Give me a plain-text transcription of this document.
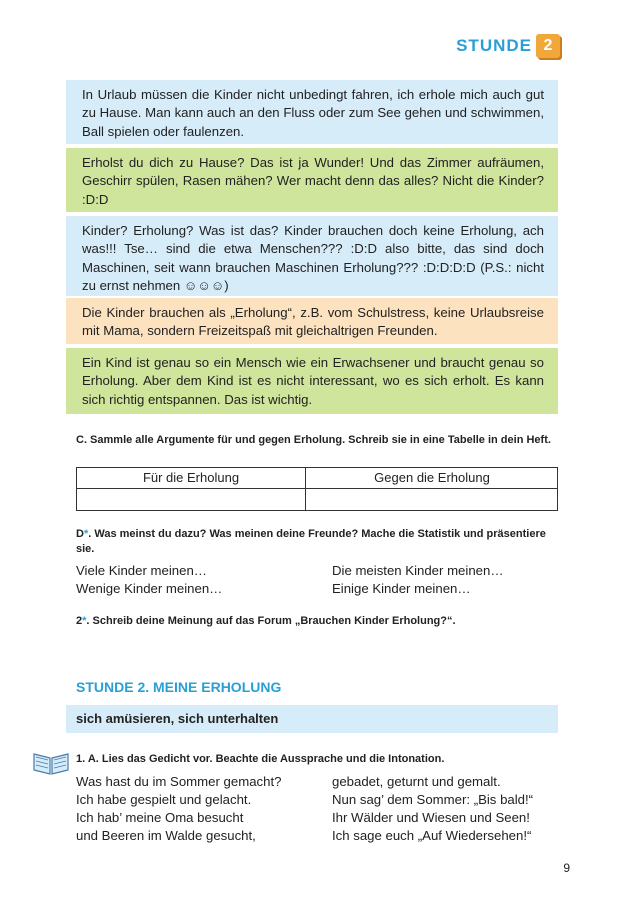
STUNDE 2

In Urlaub müssen die Kinder nicht unbedingt fahren, ich erhole mich auch gut zu Hause. Man kann auch an den Fluss oder zum See gehen und schwimmen, Ball spielen oder faulenzen.

Erholst du dich zu Hause? Das ist ja Wunder! Und das Zimmer aufräumen, Geschirr spülen, Rasen mähen? Wer macht denn das alles? Nicht die Kinder? :D:D

Kinder? Erholung? Was ist das? Kinder brauchen doch keine Erholung, ach was!!! Tse… sind die etwa Menschen??? :D:D also bitte, das sind doch Maschinen, seit wann brauchen Maschinen Erholung??? :D:D:D:D (P.S.: nicht zu ernst nehmen ☺☺☺)

Die Kinder brauchen als „Erholung“, z.B. vom Schulstress, keine Urlaubsreise mit Mama, sondern Freizeitspaß mit gleichaltrigen Freunden.

Ein Kind ist genau so ein Mensch wie ein Erwachsener und braucht genau so Erholung. Aber dem Kind ist es nicht interessant, wo es sich erholt. Es kann sich richtig entspannen. Das ist wichtig.

C. Sammle alle Argumente für und gegen Erholung. Schreib sie in eine Tabelle in dein Heft.
Für die Erholung	Gegen die Erholung
D*. Was meinst du dazu? Was meinen deine Freunde? Mache die Statistik und präsentiere sie.
Viele Kinder meinen…
Wenige Kinder meinen…
Die meisten Kinder meinen…
Einige Kinder meinen…
2*. Schreib deine Meinung auf das Forum „Brauchen Kinder Erholung?“.
STUNDE 2. MEINE ERHOLUNG
sich amüsieren, sich unterhalten
1. A. Lies das Gedicht vor. Beachte die Aussprache und die Intonation.
Was hast du im Sommer gemacht?
Ich habe gespielt und gelacht.
Ich hab’ meine Oma besucht
und Beeren im Walde gesucht,
gebadet, geturnt und gemalt.
Nun sag’ dem Sommer: „Bis bald!“
Ihr Wälder und Wiesen und Seen!
Ich sage euch „Auf Wiedersehen!“
9
